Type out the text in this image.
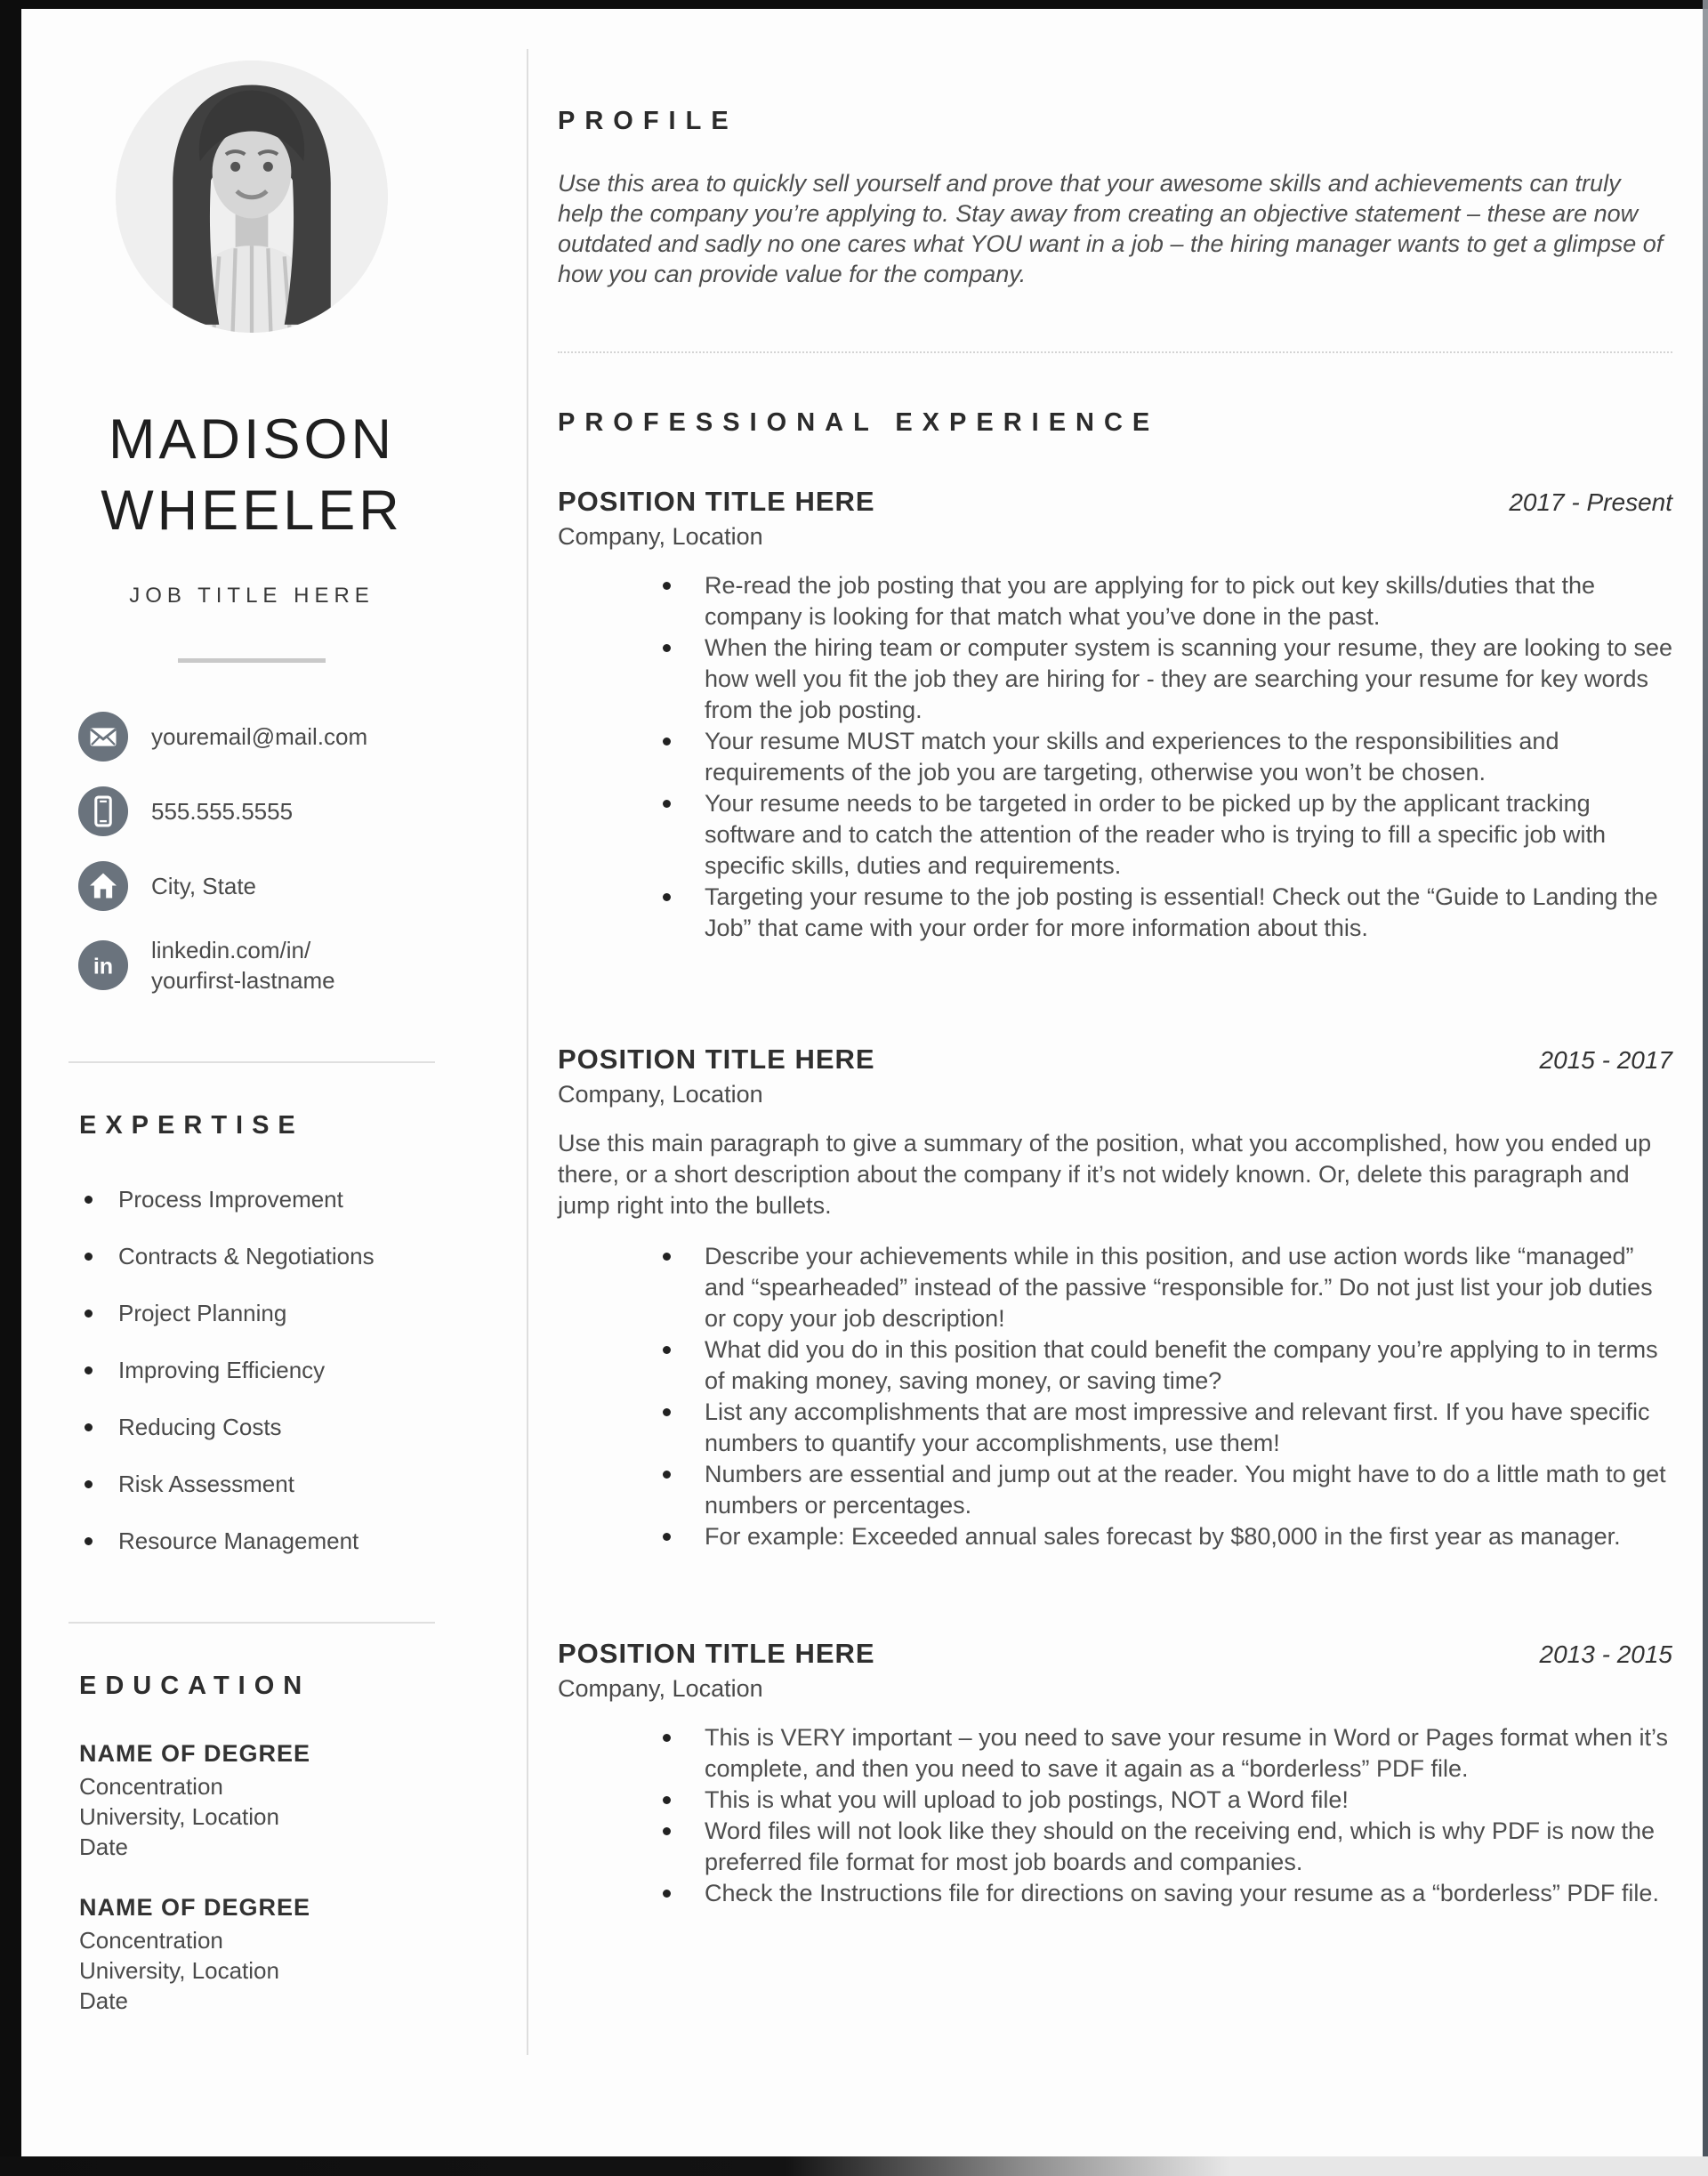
MADISON
WHEELER
JOB TITLE HERE
youremail@mail.com
555.555.5555
City, State
in
linkedin.com/in/
yourfirst-lastname
EXPERTISE
Process Improvement
Contracts & Negotiations
Project Planning
Improving Efficiency
Reducing Costs
Risk Assessment
Resource Management
EDUCATION
NAME OF DEGREE
Concentration
University, Location
Date
NAME OF DEGREE
Concentration
University, Location
Date
PROFILE

Use this area to quickly sell yourself and prove that your awesome skills and achievements can truly help the company you’re applying to. Stay away from creating an objective statement – these are now outdated and sadly no one cares what YOU want in a job – the hiring manager wants to get a glimpse of how you can provide value for the company.

PROFESSIONAL EXPERIENCE
POSITION TITLE HERE	2017 - Present
Company, Location
Re-read the job posting that you are applying for to pick out key skills/duties that the company is looking for that match what you’ve done in the past.
When the hiring team or computer system is scanning your resume, they are looking to see how well you fit the job they are hiring for - they are searching your resume for key words from the job posting.
Your resume MUST match your skills and experiences to the responsibilities and requirements of the job you are targeting, otherwise you won’t be chosen.
Your resume needs to be targeted in order to be picked up by the applicant tracking software and to catch the attention of the reader who is trying to fill a specific job with specific skills, duties and requirements.
Targeting your resume to the job posting is essential! Check out the “Guide to Landing the Job” that came with your order for more information about this.
POSITION TITLE HERE	2015 - 2017
Company, Location

Use this main paragraph to give a summary of the position, what you accomplished, how you ended up there, or a short description about the company if it’s not widely known. Or, delete this paragraph and jump right into the bullets.

Describe your achievements while in this position, and use action words like “managed” and “spearheaded” instead of the passive “responsible for.” Do not just list your job duties or copy your job description!
What did you do in this position that could benefit the company you’re applying to in terms of making money, saving money, or saving time?
List any accomplishments that are most impressive and relevant first. If you have specific numbers to quantify your accomplishments, use them!
Numbers are essential and jump out at the reader. You might have to do a little math to get numbers or percentages.
For example: Exceeded annual sales forecast by $80,000 in the first year as manager.
POSITION TITLE HERE	2013 - 2015
Company, Location
This is VERY important – you need to save your resume in Word or Pages format when it’s complete, and then you need to save it again as a “borderless” PDF file.
This is what you will upload to job postings, NOT a Word file!
Word files will not look like they should on the receiving end, which is why PDF is now the preferred file format for most job boards and companies.
Check the Instructions file for directions on saving your resume as a “borderless” PDF file.
